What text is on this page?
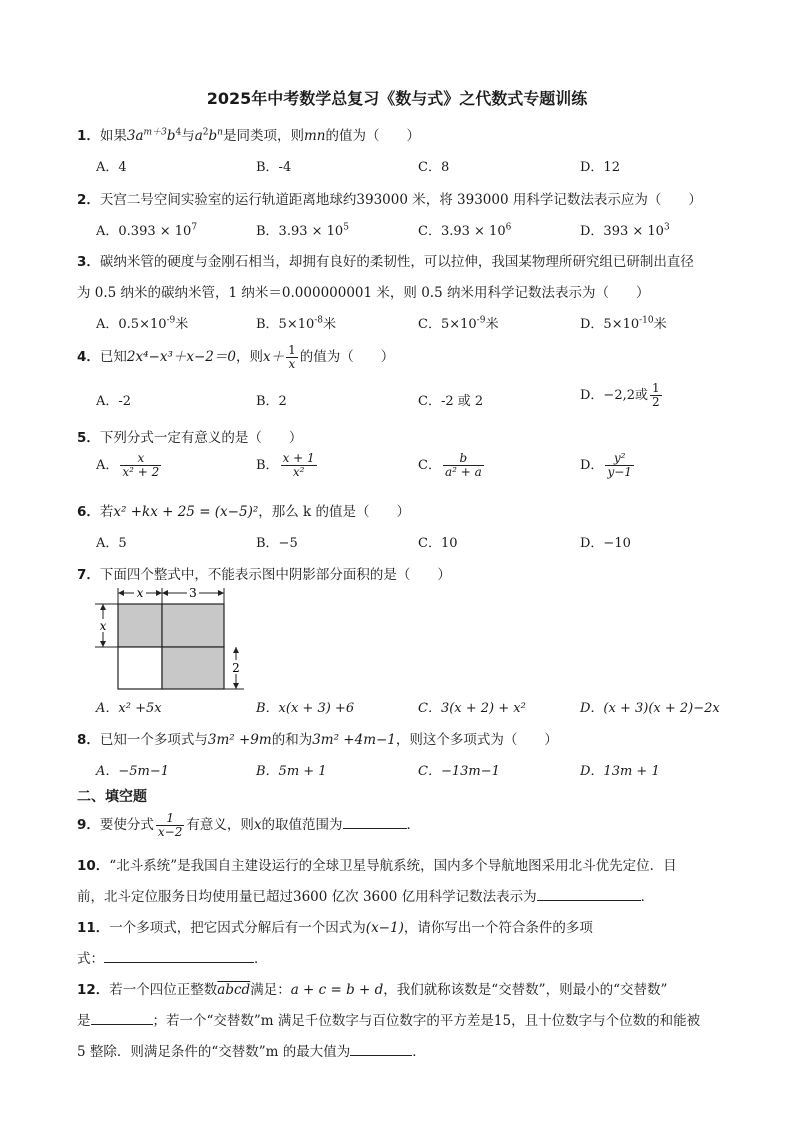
2025年中考数学总复习《数与式》之代数式专题训练
1．如果$3a^{m+3}b^4$与$a^2b^n$是同类项，则mn的值为（　　）
A．4	B．-4	C．8	D．12
2．天宫二号空间实验室的运行轨道距离地球约393000 米，将 393000 用科学记数法表示应为（　　）
A．$0.393 \times 10^7$	B．$3.93 \times 10^5$	C．$3.93 \times 10^6$	D．$393 \times 10^3$
3．碳纳米管的硬度与金刚石相当，却拥有良好的柔韧性，可以拉伸，我国某物理所研究组已研制出直径
为 0.5 纳米的碳纳米管，1 纳米＝0.000000001 米，则 0.5 纳米用科学记数法表示为（　　）
A．$0.5\times 10^{-9}$米	B．$5\times 10^{-8}$米	C．$5\times 10^{-9}$米	D．$5\times 10^{-10}$米
4．已知2x⁴−x³＋x−2＝0，则$x+ \frac{1}{x}$ 的值为（　　）
A．-2	B．2	C．-2 或 2	D．−2,2或 $\frac{1}{2}$
5．下列分式一定有意义的是（　　）
A． $\frac{x}{\text{x² + 2}}$	B． $\frac{x + 1}{\text{x²}}$	C． $\frac{b}{\text{a² + a}}$	D． $\frac{\text{y²}}{y-1}$
6．若x² +kx + 25 = (x−5)²，那么 k 的值是（　　）
A．5	B．−5	C．10	D．−10
7．下面四个整式中，不能表示图中阴影部分面积的是（　　）
x	3
x
2
A．x² +5x	B．x(x + 3) +6	C．3(x + 2) + x²	D．(x + 3)(x + 2)−2x
8．已知一个多项式与3m² +9m的和为3m² +4m−1，则这个多项式为（　　）
A．−5m−1	B．5m + 1	C．−13m−1	D．13m + 1
二、填空题
9．要使分式 $\frac{1}{x-2}$ 有意义，则x的取值范围为	．
10．“北斗系统”是我国自主建设运行的全球卫星导航系统，国内多个导航地图采用北斗优先定位．目
前，北斗定位服务日均使用量已超过3600 亿次 3600 亿用科学记数法表示为	．
11．一个多项式，把它因式分解后有一个因式为(x−1)，请你写出一个符合条件的多项
式：	．
12．若一个四位正整数abcd满足：a + c = b + d，我们就称该数是“交替数”，则最小的“交替数”
是	；若一个“交替数”m 满足千位数字与百位数字的平方差是15，且十位数字与个位数的和能被
5 整除．则满足条件的“交替数”m 的最大值为	．
